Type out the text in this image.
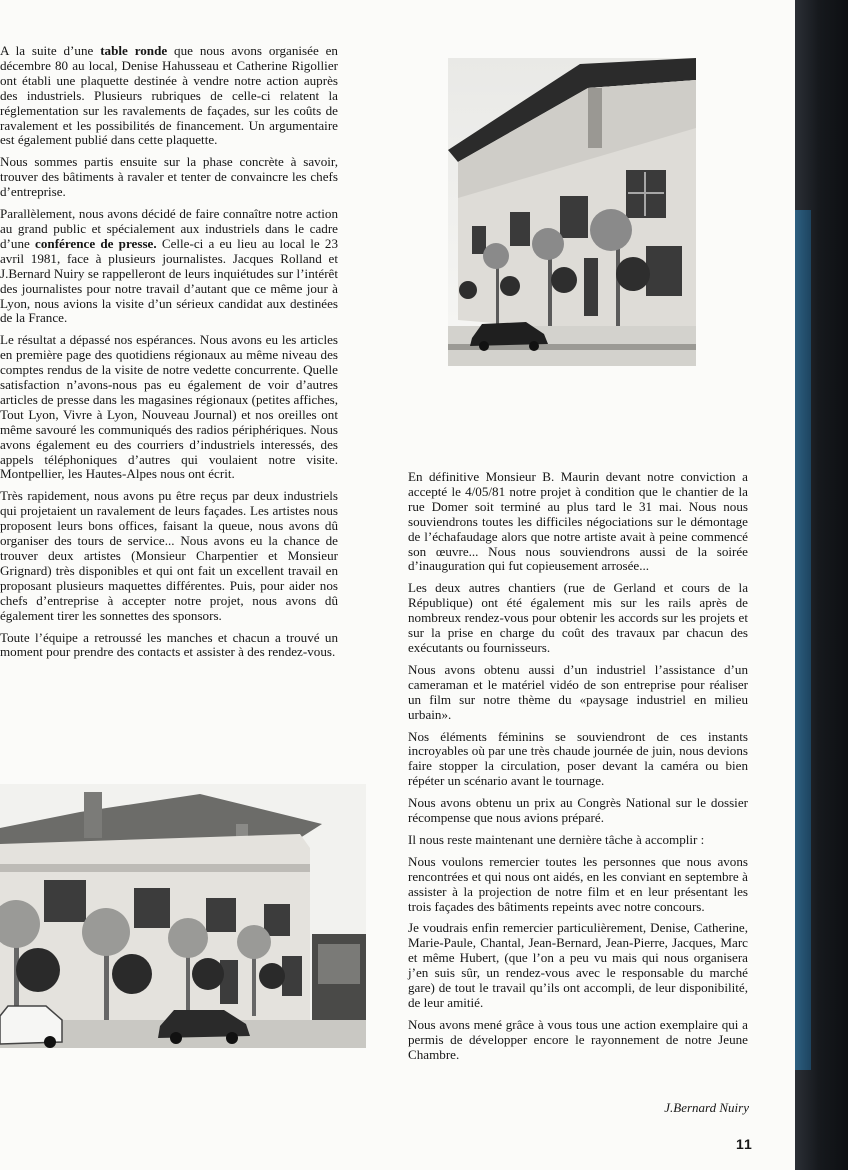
A la suite d’une table ronde que nous avons organisée en décembre 80 au local, Denise Hahusseau et Catherine Rigollier ont établi une plaquette destinée à vendre notre action auprès des industriels. Plusieurs rubriques de celle-ci relatent la réglementation sur les ravalements de façades, sur les coûts de ravalement et les possibilités de financement. Un argumentaire est également publié dans cette plaquette.

Nous sommes partis ensuite sur la phase concrète à savoir, trouver des bâtiments à ravaler et tenter de convaincre les chefs d’entreprise.

Parallèlement, nous avons décidé de faire connaître notre action au grand public et spécialement aux industriels dans le cadre d’une conférence de presse. Celle-ci a eu lieu au local le 23 avril 1981, face à plusieurs journalistes. Jacques Rolland et J.Bernard Nuiry se rappelleront de leurs inquiétudes sur l’intérêt des journalistes pour notre travail d’autant que ce même jour à Lyon, nous avions la visite d’un sérieux candidat aux destinées de la France.

Le résultat a dépassé nos espérances. Nous avons eu les articles en première page des quotidiens régionaux au même niveau des comptes rendus de la visite de notre vedette concurrente. Quelle satisfaction n’avons-nous pas eu également de voir d’autres articles de presse dans les magasines régionaux (petites affiches, Tout Lyon, Vivre à Lyon, Nouveau Journal) et nos oreilles ont même savouré les communiqués des radios périphériques. Nous avons également eu des courriers d’industriels interessés, des appels téléphoniques d’autres qui voulaient notre visite. Montpellier, les Hautes-Alpes nous ont écrit.

Très rapidement, nous avons pu être reçus par deux industriels qui projetaient un ravalement de leurs façades. Les artistes nous proposent leurs bons offices, faisant la queue, nous avons dû organiser des tours de service... Nous avons eu la chance de trouver deux artistes (Monsieur Charpentier et Monsieur Grignard) très disponibles et qui ont fait un excellent travail en proposant plusieurs maquettes différentes. Puis, pour aider nos chefs d’entreprise à accepter notre projet, nous avons dû également tirer les sonnettes des sponsors.

Toute l’équipe a retroussé les manches et chacun a trouvé un moment pour prendre des contacts et assister à des rendez-vous.

En définitive Monsieur B. Maurin devant notre conviction a accepté le 4/05/81 notre projet à condition que le chantier de la rue Domer soit terminé au plus tard le 31 mai. Nous nous souviendrons toutes les difficiles négociations sur le démontage de l’échafaudage alors que notre artiste avait à peine commencé son œuvre... Nous nous souviendrons aussi de la soirée d’inauguration qui fut copieusement arrosée...

Les deux autres chantiers (rue de Gerland et cours de la République) ont été également mis sur les rails après de nombreux rendez-vous pour obtenir les accords sur les projets et sur la prise en charge du coût des travaux par chacun des exécutants ou fournisseurs.

Nous avons obtenu aussi d’un industriel l’assistance d’un cameraman et le matériel vidéo de son entreprise pour réaliser un film sur notre thème du «paysage industriel en milieu urbain».

Nos éléments féminins se souviendront de ces instants incroyables où par une très chaude journée de juin, nous devions faire stopper la circulation, poser devant la caméra ou bien répéter un scénario avant le tournage.

Nous avons obtenu un prix au Congrès National sur le dossier récompense que nous avions préparé.

Il nous reste maintenant une dernière tâche à accomplir :

Nous voulons remercier toutes les personnes que nous avons rencontrées et qui nous ont aidés, en les conviant en septembre à assister à la projection de notre film et en leur présentant les trois façades des bâtiments repeints avec notre concours.

Je voudrais enfin remercier particulièrement, Denise, Catherine, Marie-Paule, Chantal, Jean-Bernard, Jean-Pierre, Jacques, Marc et même Hubert, (que l’on a peu vu mais qui nous organisera j’en suis sûr, un rendez-vous avec le responsable du marché gare) de tout le travail qu’ils ont accompli, de leur disponibilité, de leur amitié.

Nous avons mené grâce à vous tous une action exemplaire qui a permis de développer encore le rayonnement de notre Jeune Chambre.

J.Bernard Nuiry
11
